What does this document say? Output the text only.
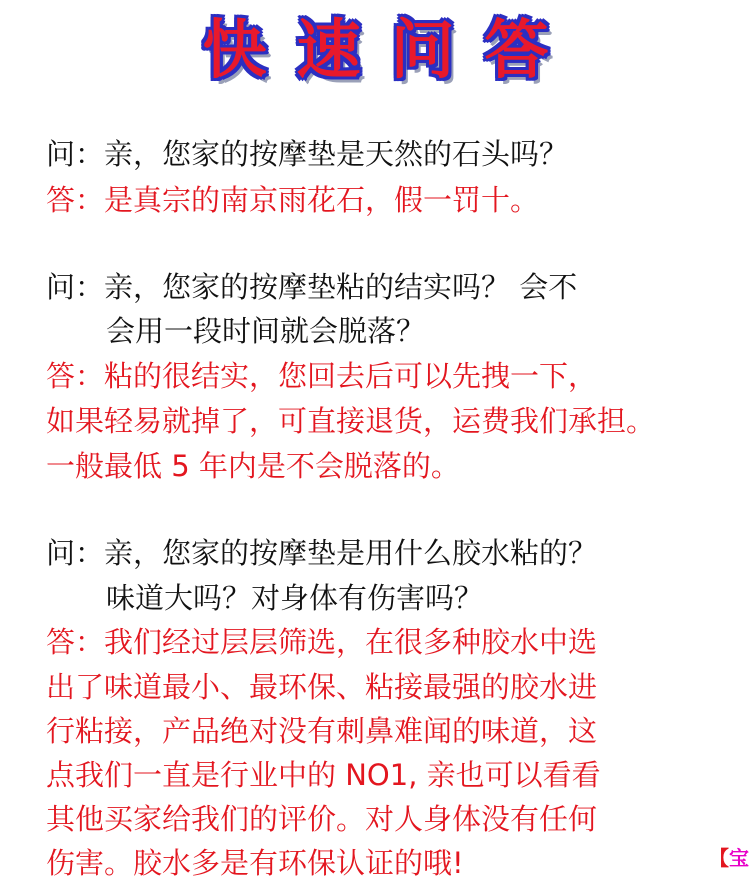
快速问答
问：亲，您家的按摩垫是天然的石头吗？
答：是真宗的南京雨花石，假一罚十。
问：亲，您家的按摩垫粘的结实吗？ 会不
会用一段时间就会脱落？
答：粘的很结实，您回去后可以先拽一下，
如果轻易就掉了，可直接退货，运费我们承担。
一般最低 5 年内是不会脱落的。
问：亲，您家的按摩垫是用什么胶水粘的？
味道大吗？对身体有伤害吗？
答：我们经过层层筛选，在很多种胶水中选
出了味道最小、最环保、粘接最强的胶水进
行粘接，产品绝对没有刺鼻难闻的味道，这
点我们一直是行业中的 NO1, 亲也可以看看
其他买家给我们的评价。对人身体没有任何
伤害。胶水多是有环保认证的哦!	【宝
